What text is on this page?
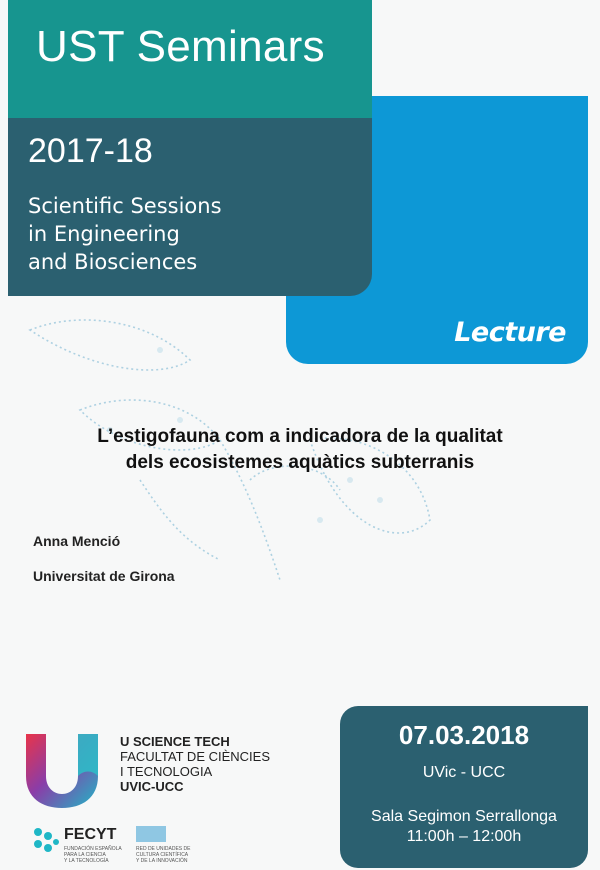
Lecture
UST Seminars
2017-18
Scientific Sessions
in Engineering
and Biosciences
L’estigofauna com a indicadora de la qualitat
dels ecosistemes aquàtics subterranis
Anna Menció
Universitat de Girona
U SCIENCE TECH
FACULTAT DE CIÈNCIES
I TECNOLOGIA
UVIC-UCC
FECYT
FUNDACIÓN ESPAÑOLA
PARA LA CIENCIA
Y LA TECNOLOGÍA
RED DE UNIDADES DE
CULTURA CIENTÍFICA
Y DE LA INNOVACIÓN
07.03.2018
UVic - UCC
Sala Segimon Serrallonga
11:00h – 12:00h
